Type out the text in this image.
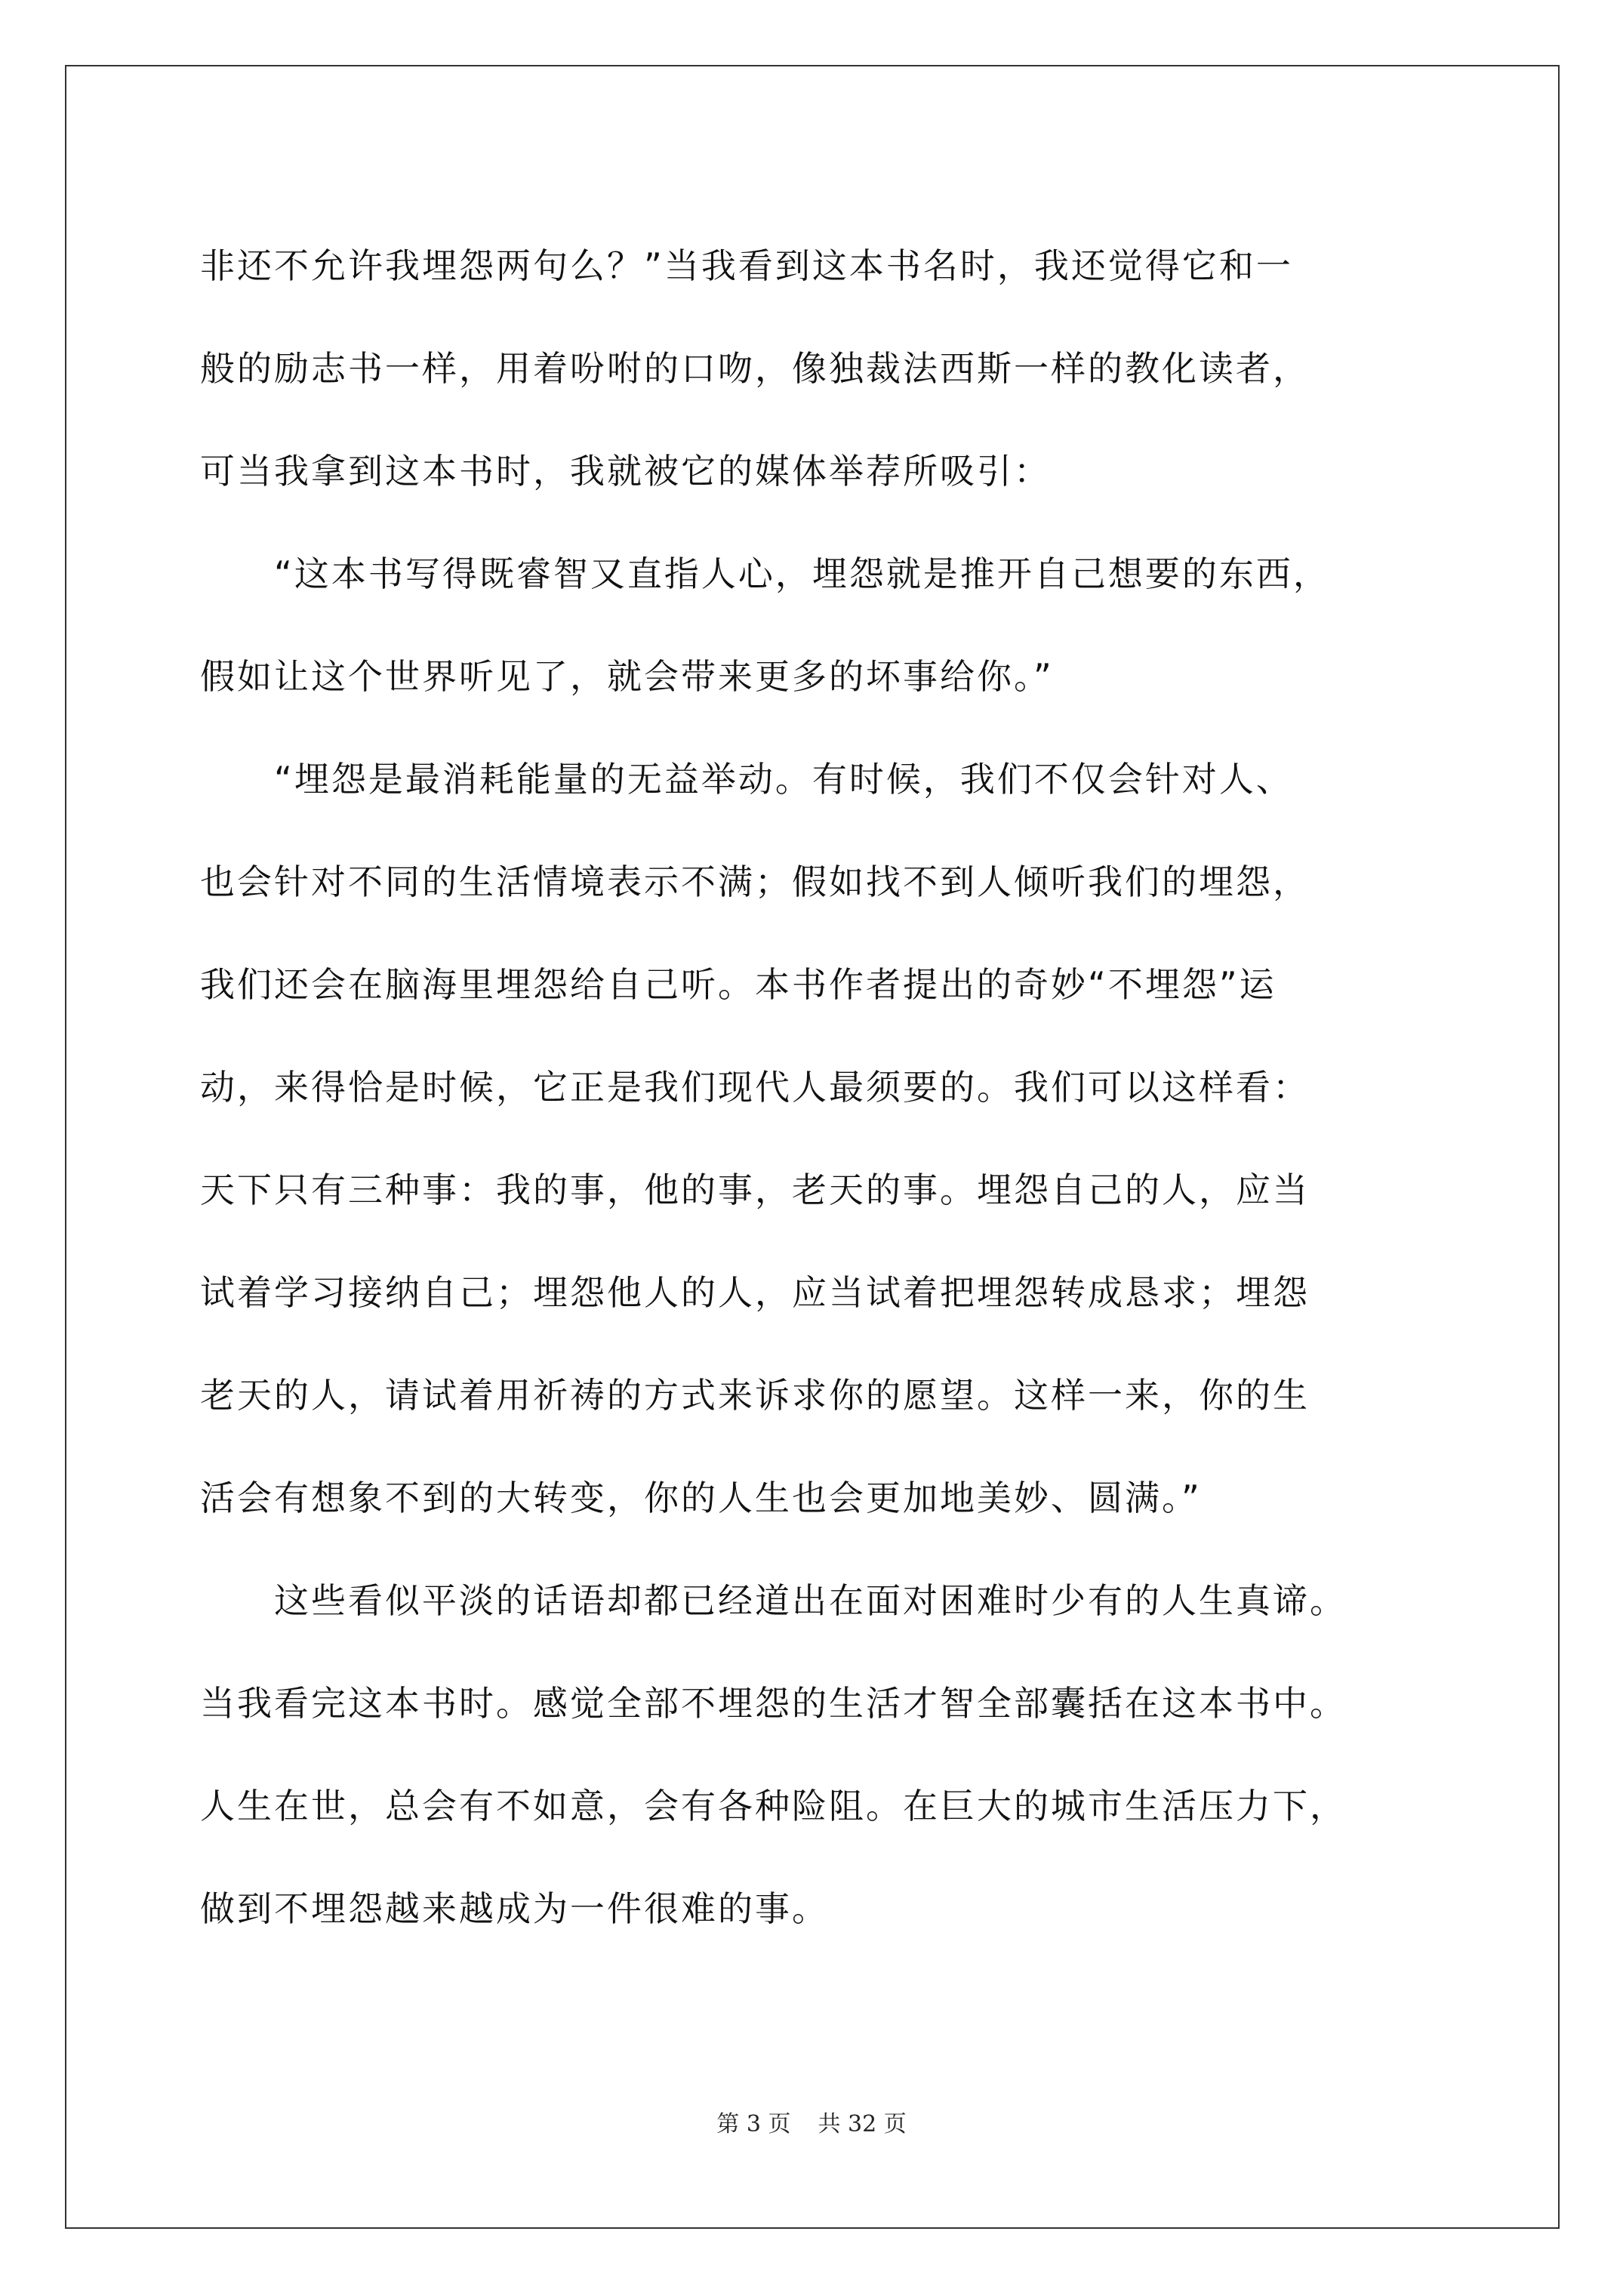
非还不允许我埋怨两句么？”当我看到这本书名时，我还觉得它和一
般的励志书一样，用着吩咐的口吻，像独裁法西斯一样的教化读者，
可当我拿到这本书时，我就被它的媒体举荐所吸引：
　　“这本书写得既睿智又直指人心，埋怨就是推开自己想要的东西，
假如让这个世界听见了，就会带来更多的坏事给你。”
　　“埋怨是最消耗能量的无益举动。有时候，我们不仅会针对人、
也会针对不同的生活情境表示不满；假如找不到人倾听我们的埋怨，
我们还会在脑海里埋怨给自己听。本书作者提出的奇妙“不埋怨”运
动，来得恰是时候，它正是我们现代人最须要的。我们可以这样看：
天下只有三种事：我的事，他的事，老天的事。埋怨自己的人，应当
试着学习接纳自己；埋怨他人的人，应当试着把埋怨转成恳求；埋怨
老天的人，请试着用祈祷的方式来诉求你的愿望。这样一来，你的生
活会有想象不到的大转变，你的人生也会更加地美妙、圆满。”
　　这些看似平淡的话语却都已经道出在面对困难时少有的人生真谛。
当我看完这本书时。感觉全部不埋怨的生活才智全部囊括在这本书中。
人生在世，总会有不如意，会有各种险阻。在巨大的城市生活压力下，
做到不埋怨越来越成为一件很难的事。
第 3 页 共 32 页
